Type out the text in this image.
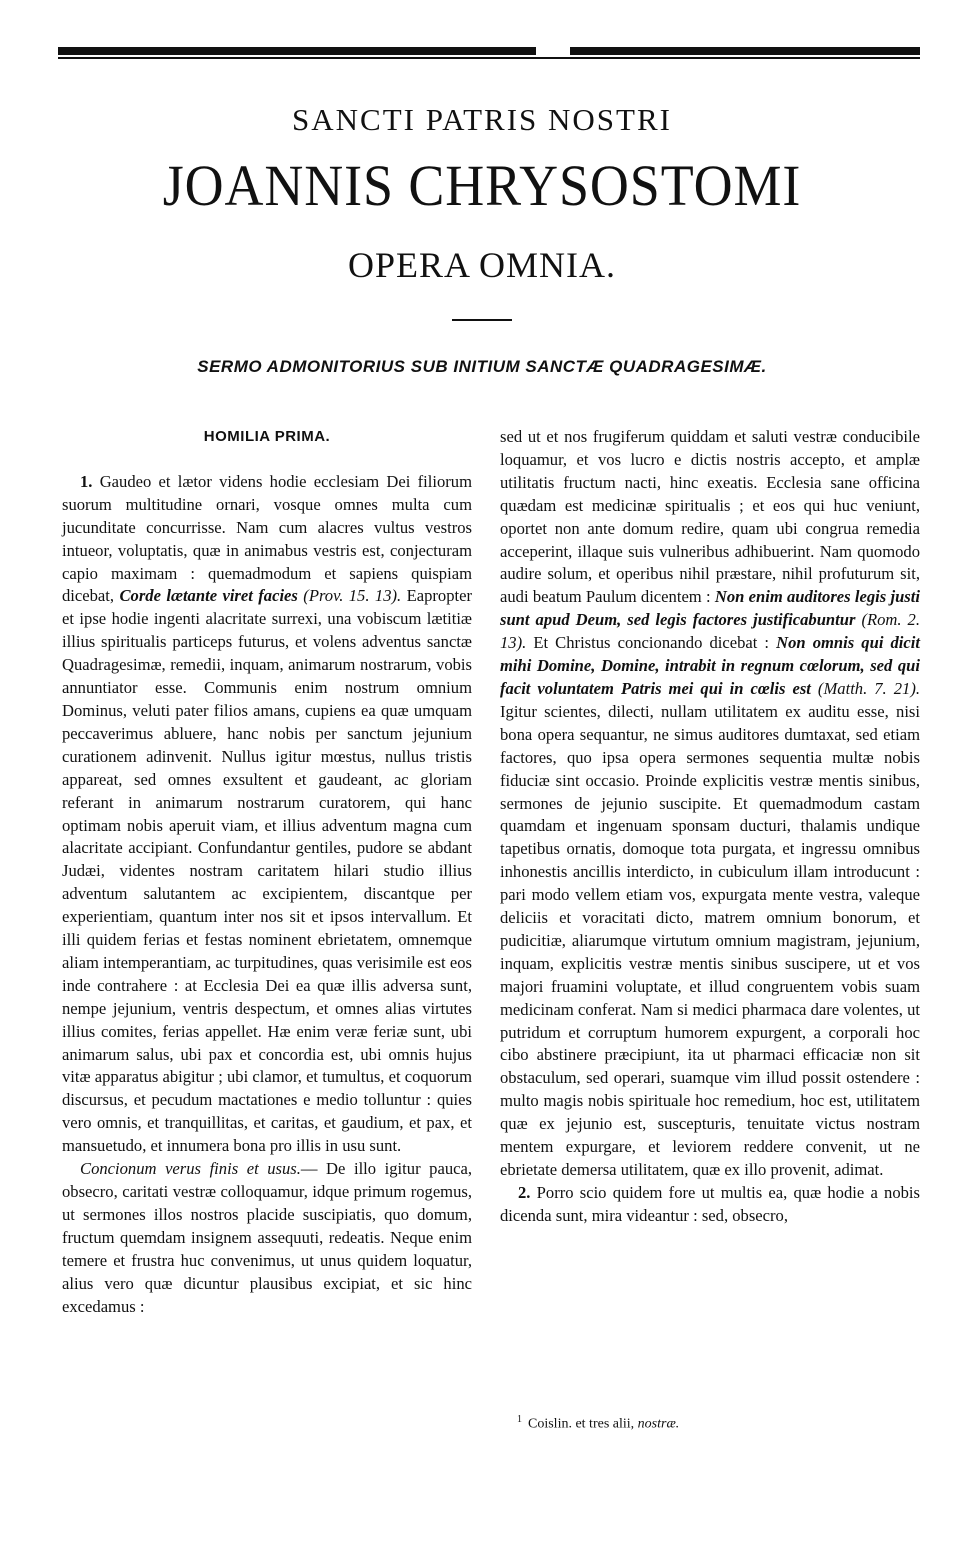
SANCTI PATRIS NOSTRI
JOANNIS CHRYSOSTOMI
OPERA OMNIA.
SERMO ADMONITORIUS SUB INITIUM SANCTÆ QUADRAGESIMÆ.

HOMILIA PRIMA.

1. Gaudeo et lætor videns hodie ecclesiam Dei filiorum suorum multitudine ornari, vosque omnes multa cum jucunditate concurrisse. Nam cum alacres vultus vestros intueor, voluptatis, quæ in animabus vestris est, conjecturam capio maximam : quemadmodum et sapiens quispiam dicebat, Corde lætante viret facies (Prov. 15. 13). Eapropter et ipse hodie ingenti alacritate surrexi, una vobiscum lætitiæ illius spiritualis particeps futurus, et volens adventus sanctæ Quadragesimæ, remedii, inquam, animarum nostrarum, vobis annuntiator esse. Communis enim nostrum omnium Dominus, veluti pater filios amans, cupiens ea quæ umquam peccaverimus abluere, hanc nobis per sanctum jejunium curationem adinvenit. Nullus igitur mœstus, nullus tristis appareat, sed omnes exsultent et gaudeant, ac gloriam referant in animarum nostrarum curatorem, qui hanc optimam nobis aperuit viam, et illius adventum magna cum alacritate accipiant. Confundantur gentiles, pudore se abdant Judæi, videntes nostram caritatem hilari studio illius adventum salutantem ac excipientem, discantque per experientiam, quantum inter nos sit et ipsos intervallum. Et illi quidem ferias et festas nominent ebrietatem, omnemque aliam intemperantiam, ac turpitudines, quas verisimile est eos inde contrahere : at Ecclesia Dei ea quæ illis adversa sunt, nempe jejunium, ventris despectum, et omnes alias virtutes illius comites, ferias appellet. Hæ enim veræ feriæ sunt, ubi animarum salus, ubi pax et concordia est, ubi omnis hujus vitæ apparatus abigitur ; ubi clamor, et tumultus, et coquorum discursus, et pecudum mactationes e medio tolluntur : quies vero omnis, et tranquillitas, et caritas, et gaudium, et pax, et mansuetudo, et innumera bona pro illis in usu sunt.

Concionum verus finis et usus.— De illo igitur pauca, obsecro, caritati vestræ colloquamur, idque primum rogemus, ut sermones illos nostros placide suscipiatis, quo domum, fructum quemdam insignem assequuti, redeatis. Neque enim temere et frustra huc convenimus, ut unus quidem loquatur, alius vero quæ dicuntur plausibus excipiat, et sic hinc excedamus :

sed ut et nos frugiferum quiddam et saluti vestræ conducibile loquamur, et vos lucro e dictis nostris accepto, et amplæ utilitatis fructum nacti, hinc exeatis. Ecclesia sane officina quædam est medicinæ spiritualis ; et eos qui huc veniunt, oportet non ante domum redire, quam ubi congrua remedia acceperint, illaque suis vulneribus adhibuerint. Nam quomodo audire solum, et operibus nihil præstare, nihil profuturum sit, audi beatum Paulum dicentem : Non enim auditores legis justi sunt apud Deum, sed legis factores justificabuntur (Rom. 2. 13). Et Christus concionando dicebat : Non omnis qui dicit mihi Domine, Domine, intrabit in regnum cœlorum, sed qui facit voluntatem Patris mei qui in cœlis est (Matth. 7. 21). Igitur scientes, dilecti, nullam utilitatem ex auditu esse, nisi bona opera sequantur, ne simus auditores dumtaxat, sed etiam factores, quo ipsa opera sermones sequentia multæ nobis fiduciæ sint occasio. Proinde explicitis vestræ mentis sinibus, sermones de jejunio suscipite. Et quemadmodum castam quamdam et ingenuam sponsam ducturi, thalamis undique tapetibus ornatis, domoque tota purgata, et ingressu omnibus inhonestis ancillis interdicto, in cubiculum illam introducunt : pari modo vellem etiam vos, expurgata mente vestra, valeque deliciis et voracitati dicto, matrem omnium bonorum, et pudicitiæ, aliarumque virtutum omnium magistram, jejunium, inquam, explicitis vestræ mentis sinibus suscipere, ut et vos majori fruamini voluptate, et illud congruentem vobis suam medicinam conferat. Nam si medici pharmaca dare volentes, ut putridum et corruptum humorem expurgent, a corporali hoc cibo abstinere præcipiunt, ita ut pharmaci efficaciæ non sit obstaculum, sed operari, suamque vim illud possit ostendere : multo magis nobis spirituale hoc remedium, hoc est, utilitatem quæ ex jejunio est, suscepturis, tenuitate victus nostram mentem expurgare, et leviorem reddere convenit, ut ne ebrietate demersa utilitatem, quæ ex illo provenit, adimat.

2. Porro scio quidem fore ut multis ea, quæ hodie a nobis dicenda sunt, mira videantur : sed, obsecro,

$^1$ Coislin. et tres alii, nostræ.
